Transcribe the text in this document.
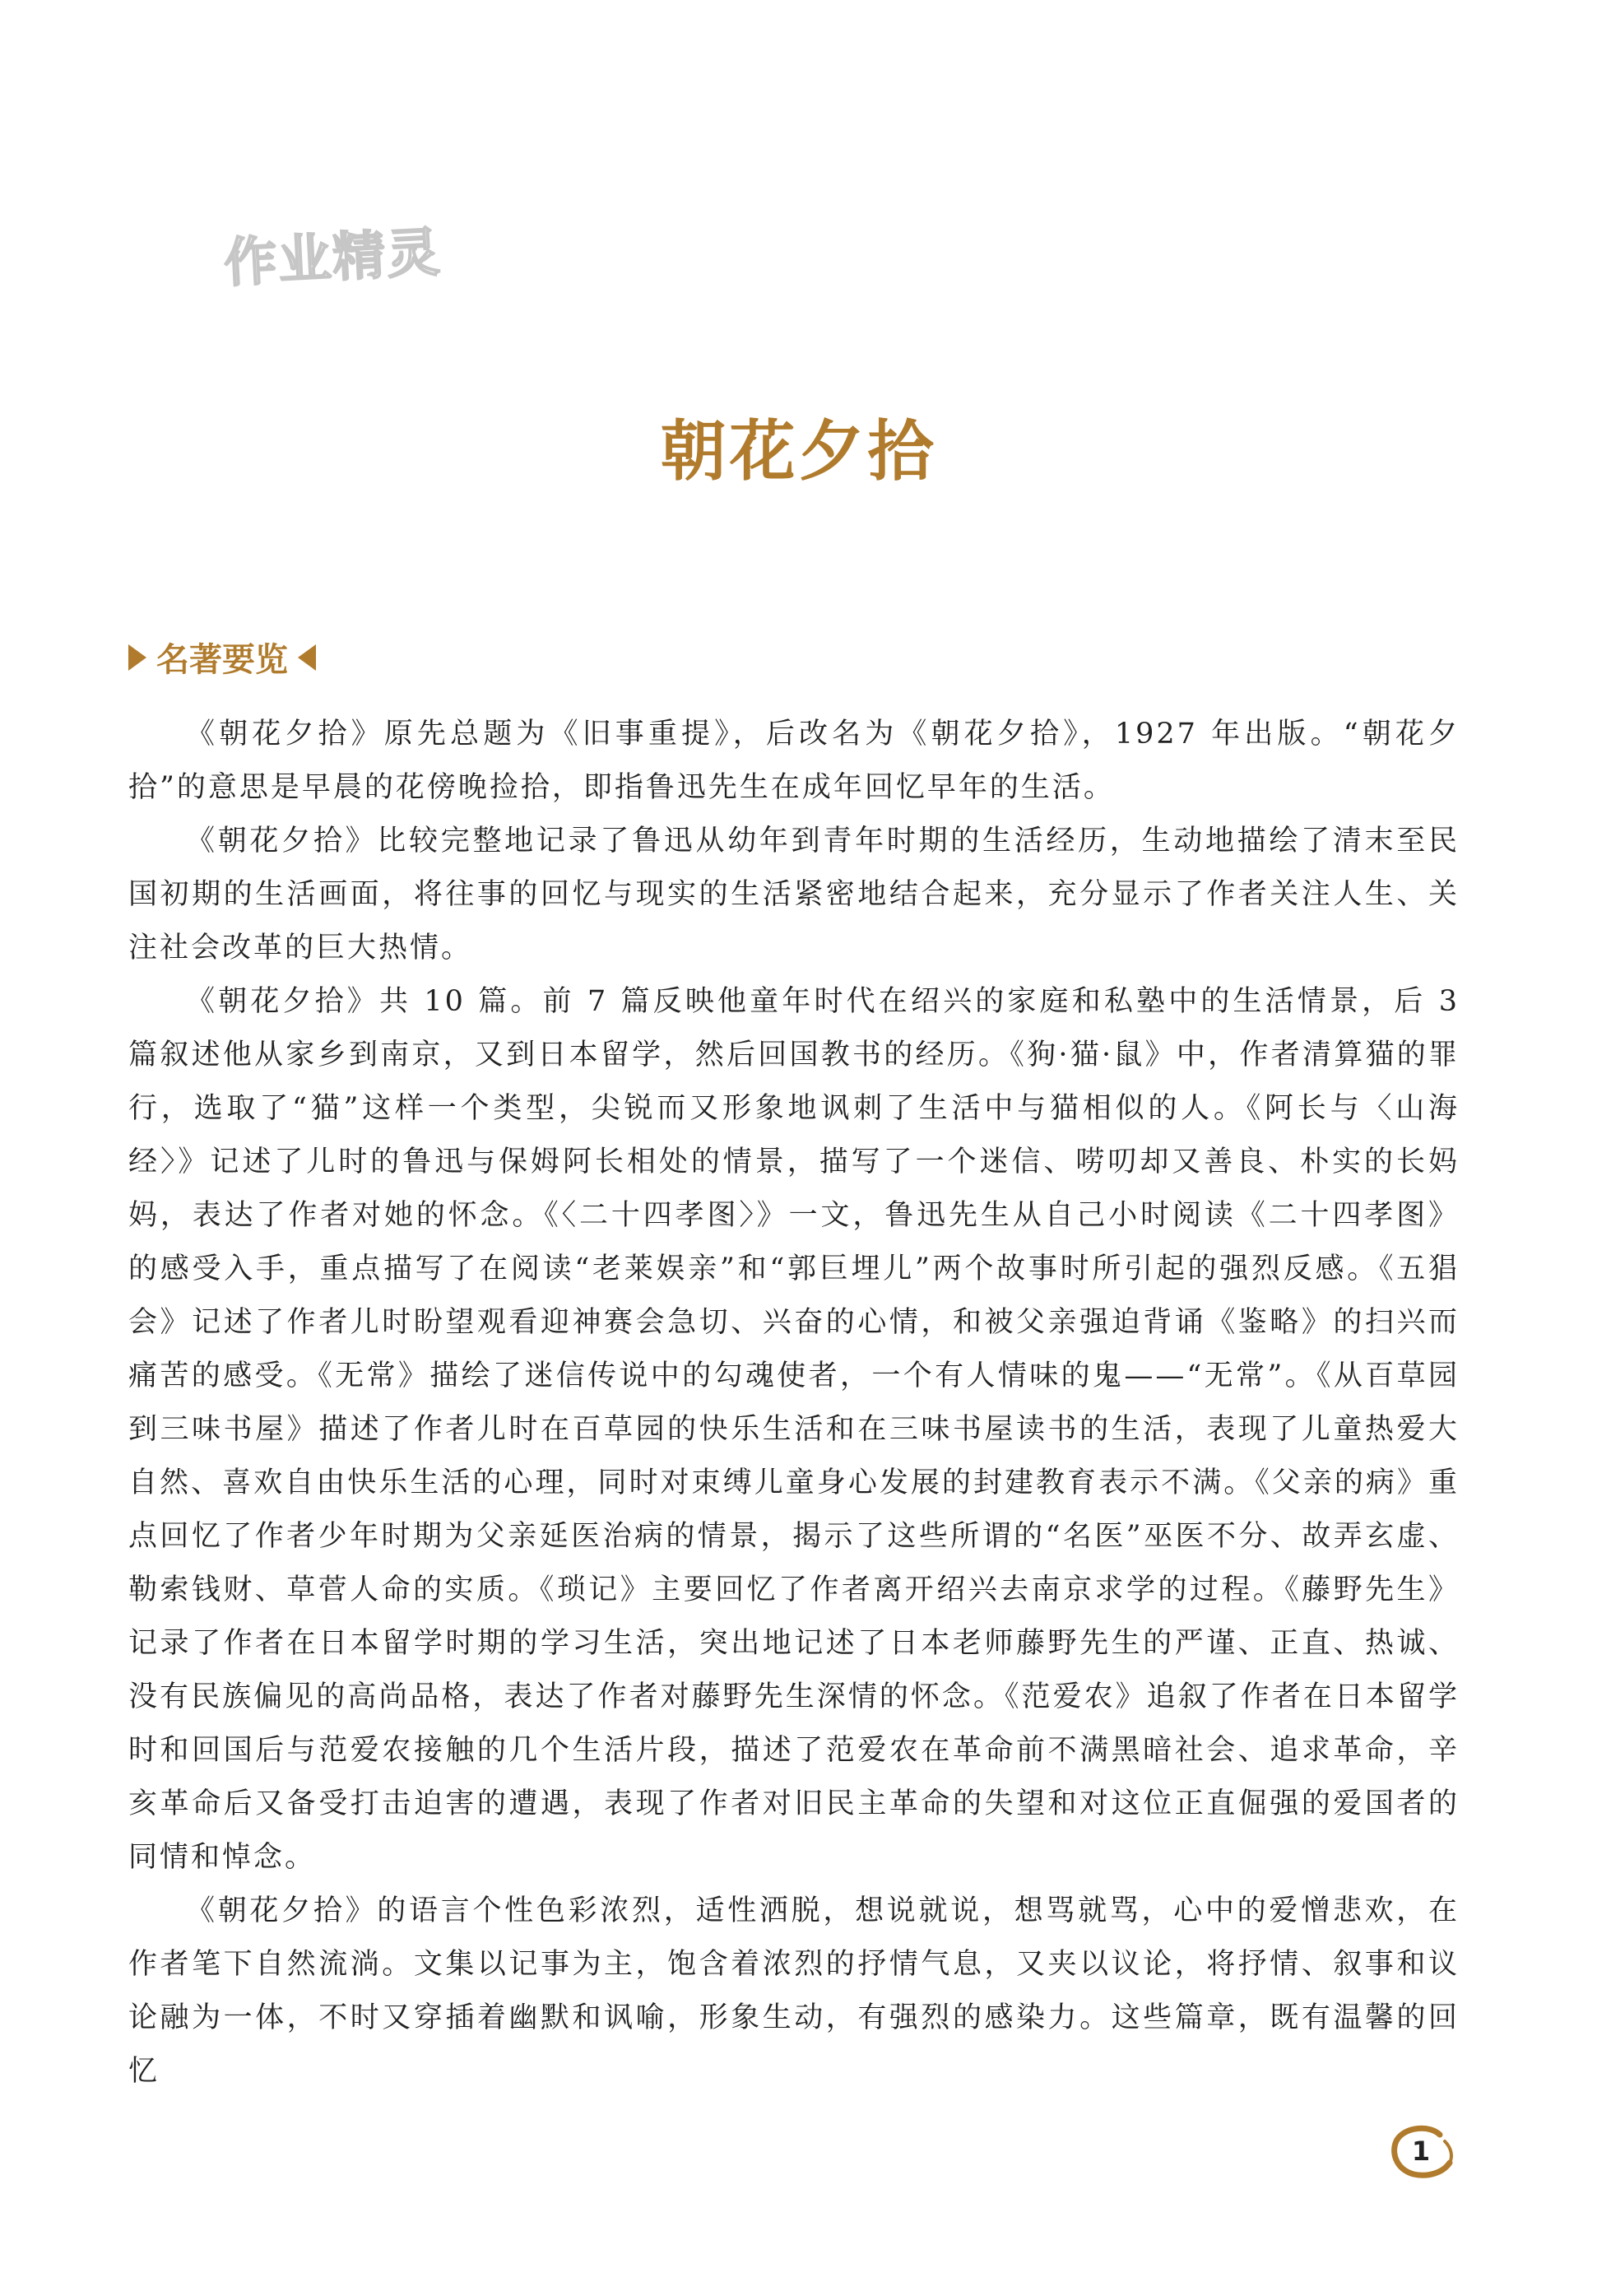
作业精灵
朝花夕拾
名著要览

《朝花夕拾》原先总题为《旧事重提》，后改名为《朝花夕拾》，1927 年出版。“朝花夕拾”的意思是早晨的花傍晚捡拾，即指鲁迅先生在成年回忆早年的生活。

《朝花夕拾》比较完整地记录了鲁迅从幼年到青年时期的生活经历，生动地描绘了清末至民国初期的生活画面，将往事的回忆与现实的生活紧密地结合起来，充分显示了作者关注人生、关注社会改革的巨大热情。

《朝花夕拾》共 10 篇。前 7 篇反映他童年时代在绍兴的家庭和私塾中的生活情景，后 3 篇叙述他从家乡到南京，又到日本留学，然后回国教书的经历。《狗·猫·鼠》中，作者清算猫的罪行，选取了“猫”这样一个类型，尖锐而又形象地讽刺了生活中与猫相似的人。《阿长与〈山海经〉》记述了儿时的鲁迅与保姆阿长相处的情景，描写了一个迷信、唠叨却又善良、朴实的长妈妈，表达了作者对她的怀念。《〈二十四孝图〉》一文，鲁迅先生从自己小时阅读《二十四孝图》的感受入手，重点描写了在阅读“老莱娱亲”和“郭巨埋儿”两个故事时所引起的强烈反感。《五猖会》记述了作者儿时盼望观看迎神赛会急切、兴奋的心情，和被父亲强迫背诵《鉴略》的扫兴而痛苦的感受。《无常》描绘了迷信传说中的勾魂使者，一个有人情味的鬼——“无常”。《从百草园到三味书屋》描述了作者儿时在百草园的快乐生活和在三味书屋读书的生活，表现了儿童热爱大自然、喜欢自由快乐生活的心理，同时对束缚儿童身心发展的封建教育表示不满。《父亲的病》重点回忆了作者少年时期为父亲延医治病的情景，揭示了这些所谓的“名医”巫医不分、故弄玄虚、勒索钱财、草菅人命的实质。《琐记》主要回忆了作者离开绍兴去南京求学的过程。《藤野先生》记录了作者在日本留学时期的学习生活，突出地记述了日本老师藤野先生的严谨、正直、热诚、没有民族偏见的高尚品格，表达了作者对藤野先生深情的怀念。《范爱农》追叙了作者在日本留学时和回国后与范爱农接触的几个生活片段，描述了范爱农在革命前不满黑暗社会、追求革命，辛亥革命后又备受打击迫害的遭遇，表现了作者对旧民主革命的失望和对这位正直倔强的爱国者的同情和悼念。

《朝花夕拾》的语言个性色彩浓烈，适性洒脱，想说就说，想骂就骂，心中的爱憎悲欢，在作者笔下自然流淌。文集以记事为主，饱含着浓烈的抒情气息，又夹以议论，将抒情、叙事和议论融为一体，不时又穿插着幽默和讽喻，形象生动，有强烈的感染力。这些篇章，既有温馨的回忆

1
